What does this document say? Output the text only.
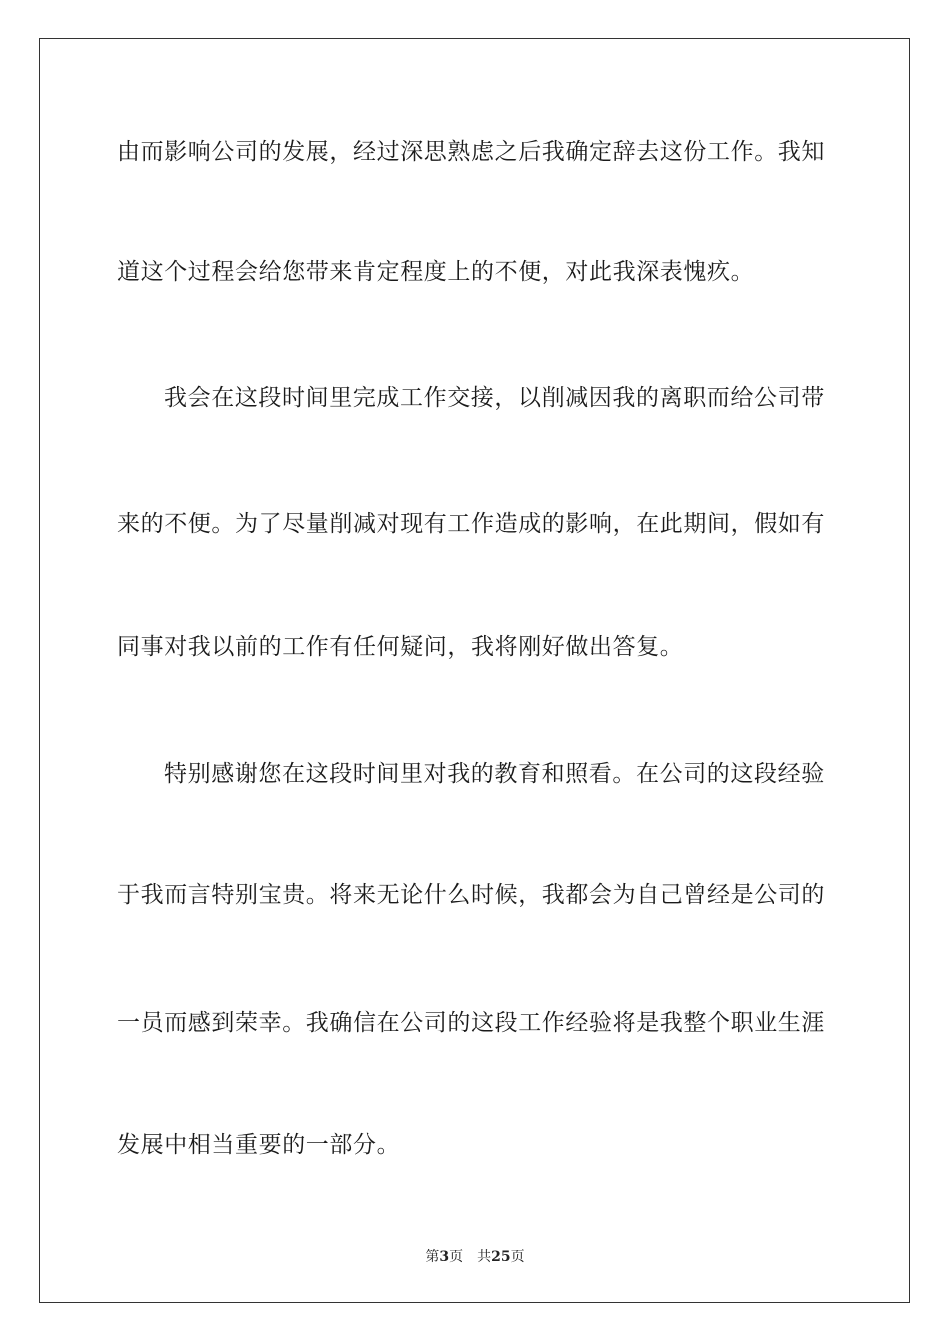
由而影响公司的发展，经过深思熟虑之后我确定辞去这份工作。我知
道这个过程会给您带来肯定程度上的不便，对此我深表愧疚。
我会在这段时间里完成工作交接，以削减因我的离职而给公司带
来的不便。为了尽量削减对现有工作造成的影响，在此期间，假如有
同事对我以前的工作有任何疑问，我将刚好做出答复。
特别感谢您在这段时间里对我的教育和照看。在公司的这段经验
于我而言特别宝贵。将来无论什么时候，我都会为自己曾经是公司的
一员而感到荣幸。我确信在公司的这段工作经验将是我整个职业生涯
发展中相当重要的一部分。
第3页 共25页
